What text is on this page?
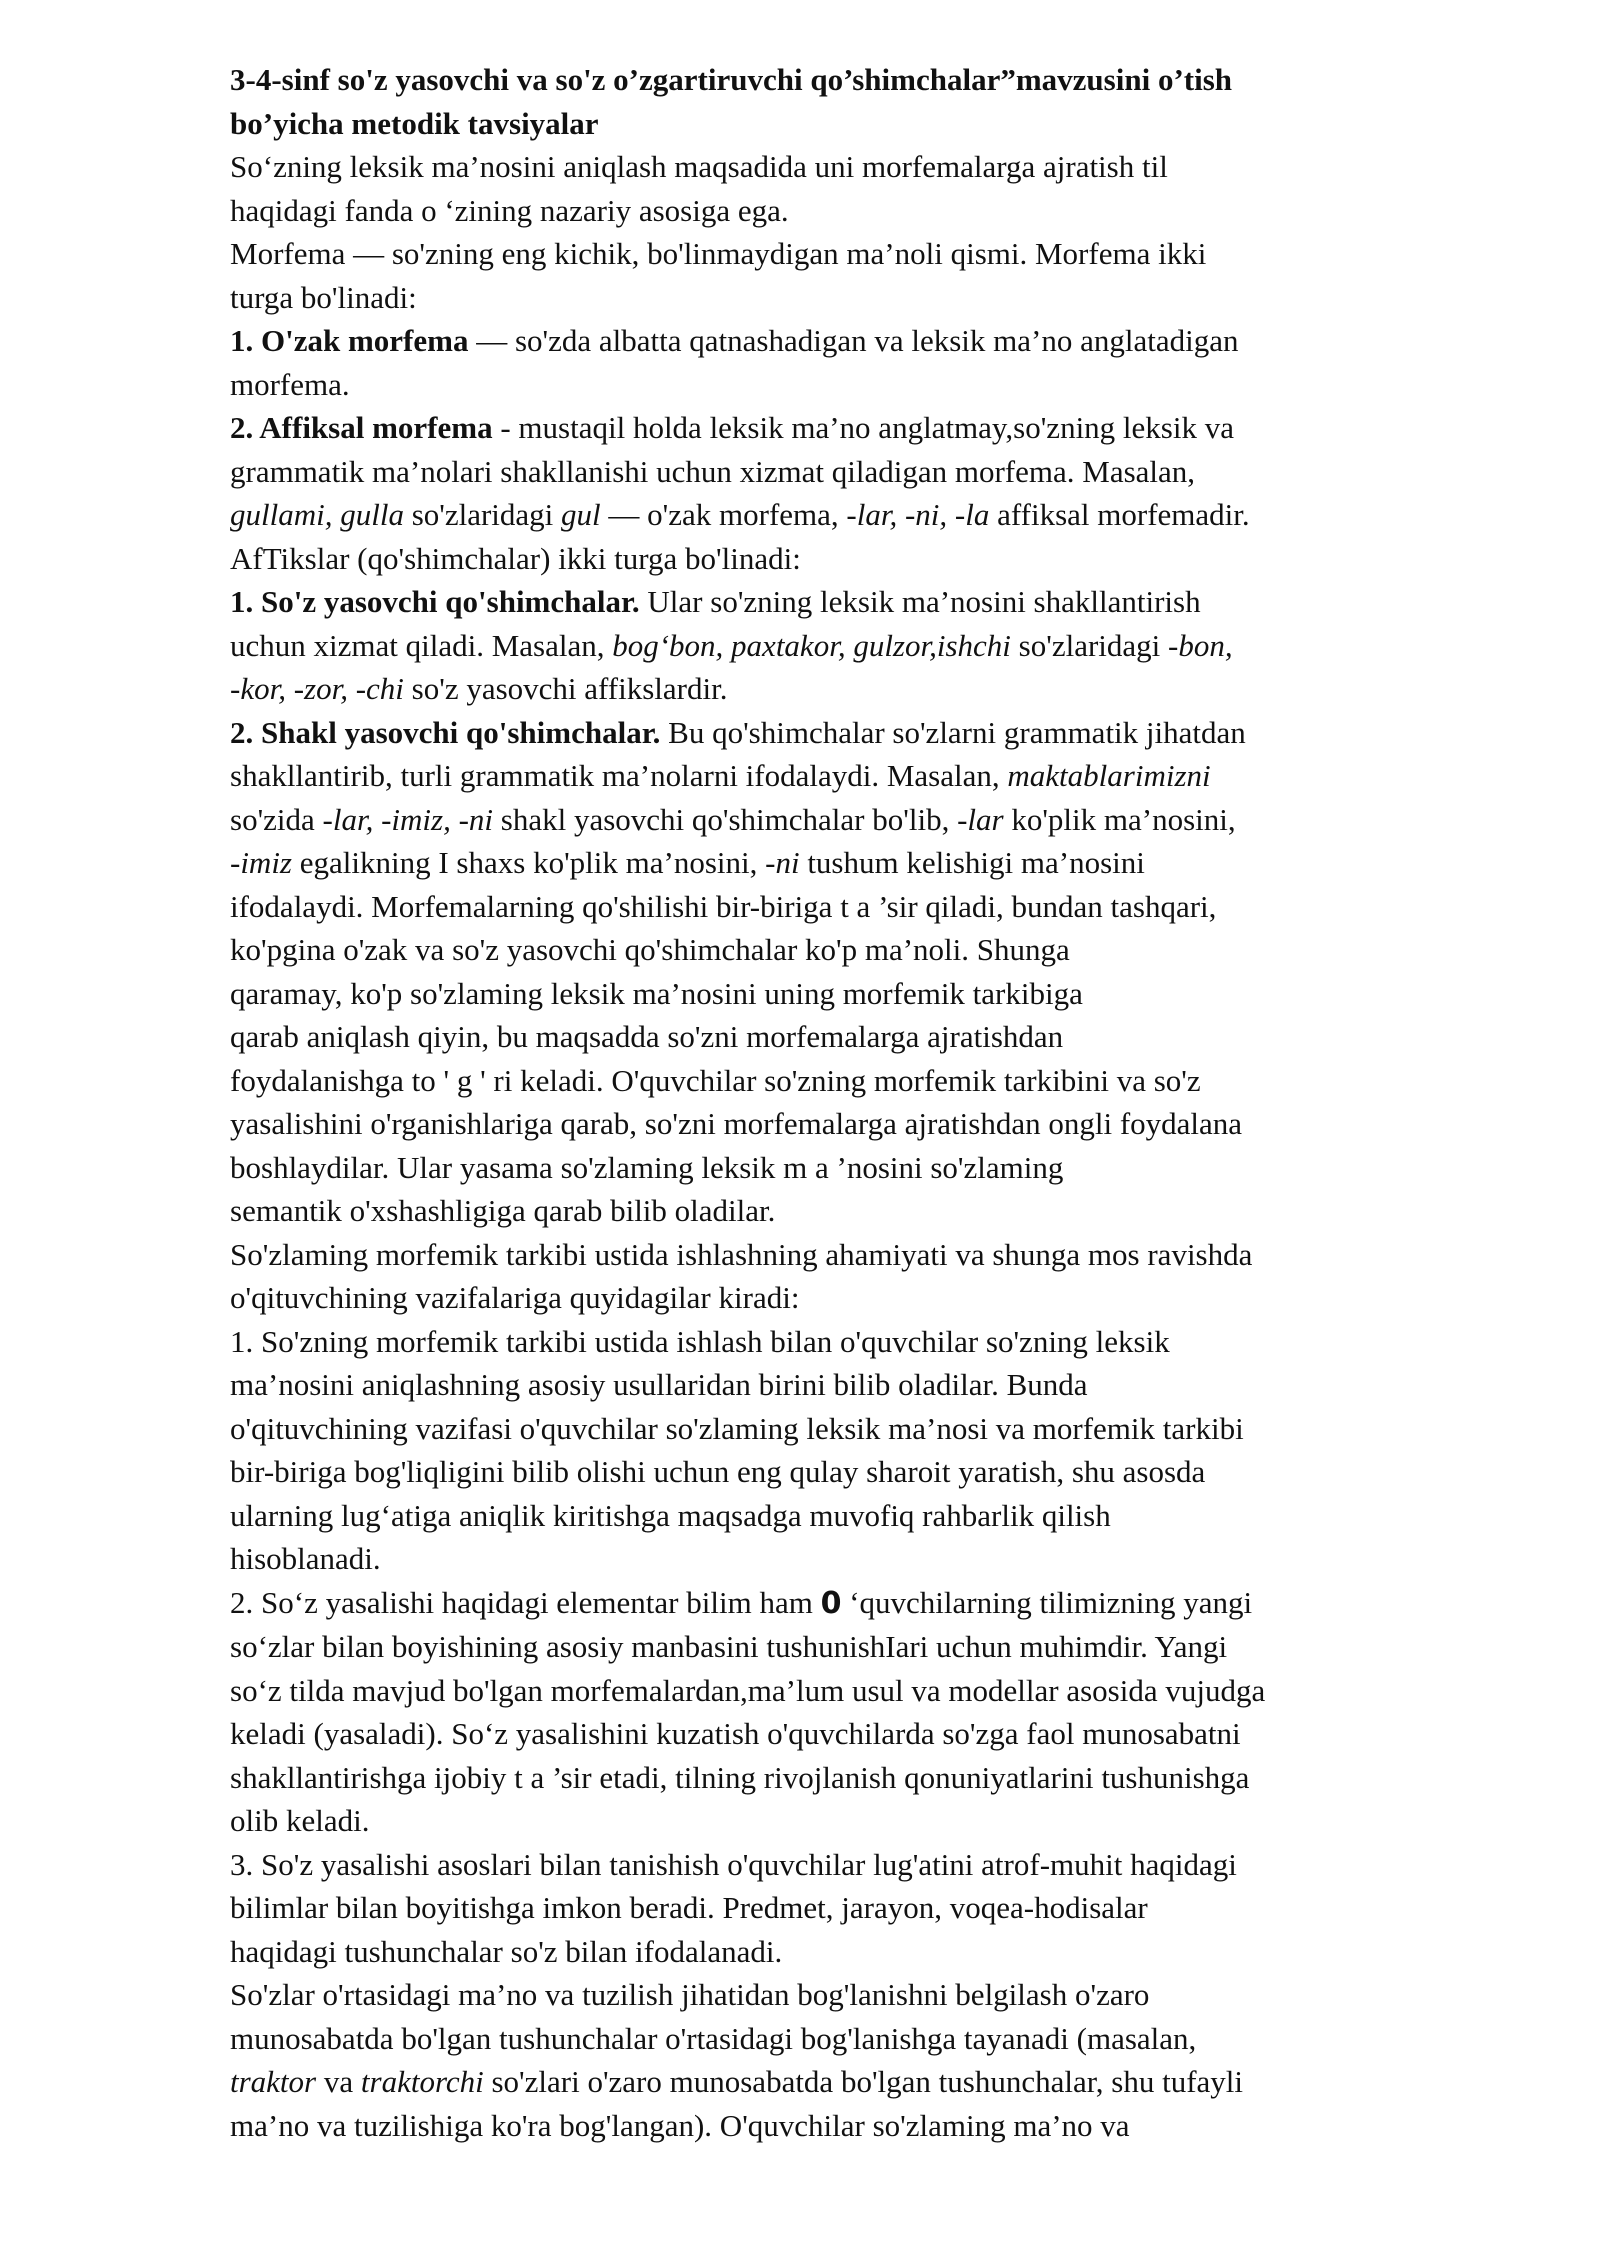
3-4-sinf so'z yasovchi va so'z o’zgartiruvchi qo’shimchalar”mavzusini o’tish
bo’yicha metodik tavsiyalar
So‘zning leksik ma’nosini aniqlash maqsadida uni morfemalarga ajratish til
haqidagi fanda o ‘zining nazariy asosiga ega.
Morfema — so'zning eng kichik, bo'linmaydigan ma’noli qismi. Morfema ikki
turga bo'linadi:
1. O'zak morfema — so'zda albatta qatnashadigan va leksik ma’no anglatadigan
morfema.
2. Affiksal morfema - mustaqil holda leksik ma’no anglatmay,so'zning leksik va
grammatik ma’nolari shakllanishi uchun xizmat qiladigan morfema. Masalan,
gullami, gulla so'zlaridagi gul — o'zak morfema, -lar, -ni, -la affiksal morfemadir.
AfTikslar (qo'shimchalar) ikki turga bo'linadi:
1. So'z yasovchi qo'shimchalar. Ular so'zning leksik ma’nosini shakllantirish
uchun xizmat qiladi. Masalan, bog‘bon, paxtakor, gulzor,ishchi so'zlaridagi -bon,
-kor, -zor, -chi so'z yasovchi affikslardir.
2. Shakl yasovchi qo'shimchalar. Bu qo'shimchalar so'zlarni grammatik jihatdan
shakllantirib, turli grammatik ma’nolarni ifodalaydi. Masalan, maktablarimizni
so'zida -lar, -imiz, -ni shakl yasovchi qo'shimchalar bo'lib, -lar ko'plik ma’nosini,
-imiz egalikning I shaxs ko'plik ma’nosini, -ni tushum kelishigi ma’nosini
ifodalaydi. Morfemalarning qo'shilishi bir-biriga t a ’sir qiladi, bundan tashqari,
ko'pgina o'zak va so'z yasovchi qo'shimchalar ko'p ma’noli. Shunga
qaramay, ko'p so'zlaming leksik ma’nosini uning morfemik tarkibiga
qarab aniqlash qiyin, bu maqsadda so'zni morfemalarga ajratishdan
foydalanishga to ' g ' ri keladi. O'quvchilar so'zning morfemik tarkibini va so'z
yasalishini o'rganishlariga qarab, so'zni morfemalarga ajratishdan ongli foydalana
boshlaydilar. Ular yasama so'zlaming leksik m a ’nosini so'zlaming
semantik o'xshashligiga qarab bilib oladilar.
So'zlaming morfemik tarkibi ustida ishlashning ahamiyati va shunga mos ravishda
o'qituvchining vazifalariga quyidagilar kiradi:
1. So'zning morfemik tarkibi ustida ishlash bilan o'quvchilar so'zning leksik
ma’nosini aniqlashning asosiy usullaridan birini bilib oladilar. Bunda
o'qituvchining vazifasi o'quvchilar so'zlaming leksik ma’nosi va morfemik tarkibi
bir-biriga bog'liqligini bilib olishi uchun eng qulay sharoit yaratish, shu asosda
ularning lug‘atiga aniqlik kiritishga maqsadga muvofiq rahbarlik qilish
hisoblanadi.
2. So‘z yasalishi haqidagi elementar bilim ham 0 ‘quvchilarning tilimizning yangi
so‘zlar bilan boyishining asosiy manbasini tushunishIari uchun muhimdir. Yangi
so‘z tilda mavjud bo'lgan morfemalardan,ma’lum usul va modellar asosida vujudga
keladi (yasaladi). So‘z yasalishini kuzatish o'quvchilarda so'zga faol munosabatni
shakllantirishga ijobiy t a ’sir etadi, tilning rivojlanish qonuniyatlarini tushunishga
olib keladi.
3. So'z yasalishi asoslari bilan tanishish o'quvchilar lug'atini atrof-muhit haqidagi
bilimlar bilan boyitishga imkon beradi. Predmet, jarayon, voqea-hodisalar
haqidagi tushunchalar so'z bilan ifodalanadi.
So'zlar o'rtasidagi ma’no va tuzilish jihatidan bog'lanishni belgilash o'zaro
munosabatda bo'lgan tushunchalar o'rtasidagi bog'lanishga tayanadi (masalan,
traktor va traktorchi so'zlari o'zaro munosabatda bo'lgan tushunchalar, shu tufayli
ma’no va tuzilishiga ko'ra bog'langan). O'quvchilar so'zlaming ma’no va
